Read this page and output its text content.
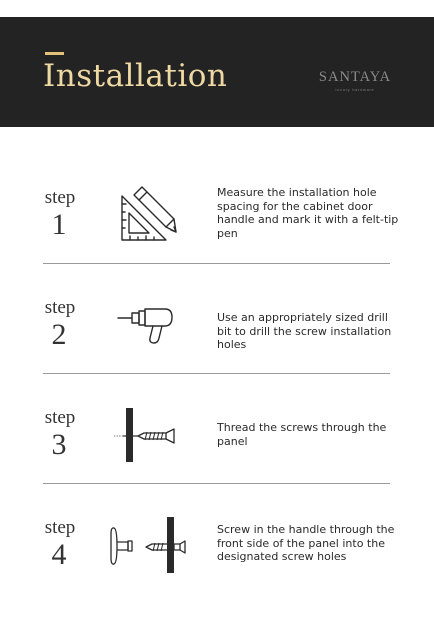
Installation	SANTAYA
luxury hardware
step
1
Measure the installation hole spacing for the cabinet door handle and mark it with a felt-tip pen
step
2
Use an appropriately sized drill bit to drill the screw installation holes
step
3
Thread the screws through the panel
step
4
Screw in the handle through the front side of the panel into the designated screw holes
